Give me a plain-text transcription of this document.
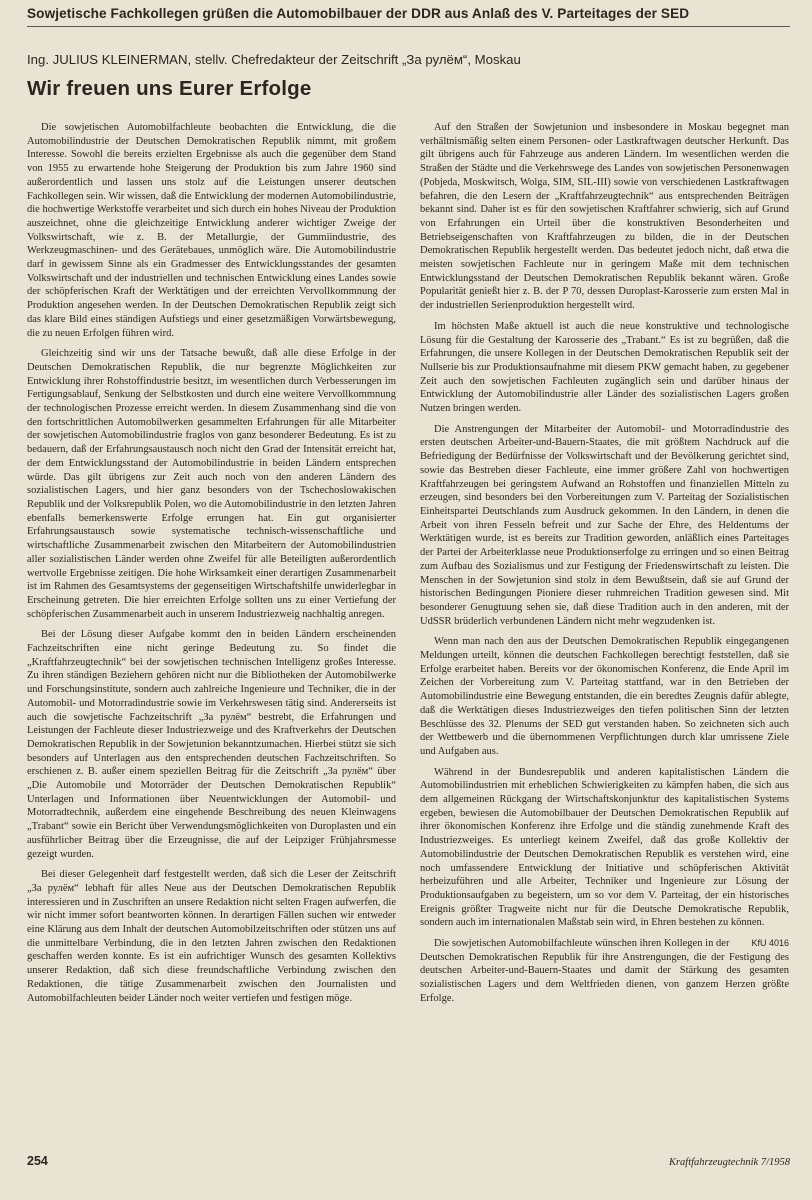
Sowjetische Fachkollegen grüßen die Automobilbauer der DDR aus Anlaß des V. Parteitages der SED
Ing. JULIUS KLEINERMAN, stellv. Chefredakteur der Zeitschrift „За рулём“, Moskau
Wir freuen uns Eurer Erfolge

Die sowjetischen Automobilfachleute beobachten die Entwicklung, die die Automobilindustrie der Deutschen Demokratischen Republik nimmt, mit großem Interesse. Sowohl die bereits erzielten Ergebnisse als auch die gegenüber dem Stand von 1955 zu erwartende hohe Steigerung der Produktion bis zum Jahre 1960 sind außerordentlich und lassen uns stolz auf die Leistungen unserer deutschen Fachkollegen sein. Wir wissen, daß die Entwicklung der modernen Automobilindustrie, die hochwertige Werkstoffe verarbeitet und sich durch ein hohes Niveau der Produktion auszeichnet, ohne die gleichzeitige Entwicklung anderer wichtiger Zweige der Volkswirtschaft, wie z. B. der Metallurgie, der Gummiindustrie, des Werkzeugmaschinen- und des Gerätebaues, unmöglich wäre. Die Automobilindustrie darf in gewissem Sinne als ein Gradmesser des Entwicklungsstandes der gesamten Volkswirtschaft und der industriellen und technischen Entwicklung eines Landes sowie der schöpferischen Kraft der Werktätigen und der erreichten Vervollkommnung der Produktion angesehen werden. In der Deutschen Demokratischen Republik zeigt sich das klare Bild eines ständigen Aufstiegs und einer gesetzmäßigen Vorwärtsbewegung, die zu neuen Erfolgen führen wird.

Gleichzeitig sind wir uns der Tatsache bewußt, daß alle diese Erfolge in der Deutschen Demokratischen Republik, die nur begrenzte Möglichkeiten zur Entwicklung ihrer Rohstoffindustrie besitzt, im wesentlichen durch Verbesserungen im Fertigungsablauf, Senkung der Selbstkosten und durch eine weitere Vervollkommnung der technologischen Prozesse erreicht werden. In diesem Zusammenhang sind die von den fortschrittlichen Automobilwerken gesammelten Erfahrungen für alle Mitarbeiter der sowjetischen Automobilindustrie fraglos von ganz besonderer Bedeutung. Es ist zu bedauern, daß der Erfahrungsaustausch noch nicht den Grad der Intensität erreicht hat, der dem Entwicklungsstand der Automobilindustrie in beiden Ländern entsprechen würde. Das gilt übrigens zur Zeit auch noch von den anderen Ländern des sozialistischen Lagers, und hier ganz besonders von der Tschechoslowakischen Republik und der Volksrepublik Polen, wo die Automobilindustrie in den letzten Jahren ebenfalls bemerkenswerte Erfolge errungen hat. Ein gut organisierter Erfahrungsaustausch sowie systematische technisch-wissenschaftliche und wirtschaftliche Zusammenarbeit zwischen den Mitarbeitern der Automobilindustrien aller sozialistischen Länder werden ohne Zweifel für alle Beteiligten außerordentlich wertvolle Ergebnisse zeitigen. Die hohe Wirksamkeit einer derartigen Zusammenarbeit ist im Rahmen des Gesamtsystems der gegenseitigen Wirtschaftshilfe unwiderlegbar in Erscheinung getreten. Die hier erreichten Erfolge sollten uns zu einer Vertiefung der schöpferischen Zusammenarbeit auch in unserem Industriezweig nachhaltig anregen.

Bei der Lösung dieser Aufgabe kommt den in beiden Ländern erscheinenden Fachzeitschriften eine nicht geringe Bedeutung zu. So findet die „Kraftfahrzeugtechnik“ bei der sowjetischen technischen Intelligenz großes Interesse. Zu ihren ständigen Beziehern gehören nicht nur die Bibliotheken der Automobilwerke und Forschungsinstitute, sondern auch zahlreiche Ingenieure und Techniker, die in der Automobil- und Motorradindustrie sowie im Verkehrswesen tätig sind. Andererseits ist auch die sowjetische Fachzeitschrift „За рулём“ bestrebt, die Erfahrungen und Leistungen der Fachleute dieser Industriezweige und des Kraftverkehrs der Deutschen Demokratischen Republik in der Sowjetunion bekanntzumachen. Hierbei stützt sie sich besonders auf Unterlagen aus den entsprechenden deutschen Fachzeitschriften. So erschienen z. B. außer einem speziellen Beitrag für die Zeitschrift „За рулём“ über „Die Automobile und Motorräder der Deutschen Demokratischen Republik“ Unterlagen und Informationen über Neuentwicklungen der Automobil- und Motorradtechnik, außerdem eine eingehende Beschreibung des neuen Kleinwagens „Trabant“ sowie ein Bericht über Verwendungsmöglichkeiten von Duroplasten und ein ausführlicher Beitrag über die Erzeugnisse, die auf der Leipziger Frühjahrsmesse gezeigt wurden.

Bei dieser Gelegenheit darf festgestellt werden, daß sich die Leser der Zeitschrift „За рулём“ lebhaft für alles Neue aus der Deutschen Demokratischen Republik interessieren und in Zuschriften an unsere Redaktion nicht selten Fragen aufwerfen, die wir nicht immer sofort beantworten können. In derartigen Fällen suchen wir entweder eine Klärung aus dem Inhalt der deutschen Automobilzeitschriften oder stützen uns auf die unmittelbare Verbindung, die in den letzten Jahren zwischen den Redaktionen geschaffen werden konnte. Es ist ein aufrichtiger Wunsch des gesamten Kollektivs unserer Redaktion, daß sich diese freundschaftliche Verbindung zwischen den Redaktionen, die tätige Zusammenarbeit zwischen den Journalisten und Automobilfachleuten beider Länder noch weiter vertiefen und festigen möge.

Auf den Straßen der Sowjetunion und insbesondere in Moskau begegnet man verhältnismäßig selten einem Personen- oder Lastkraftwagen deutscher Herkunft. Das gilt übrigens auch für Fahrzeuge aus anderen Ländern. Im wesentlichen werden die Straßen der Städte und die Verkehrswege des Landes von sowjetischen Personenwagen (Pobjeda, Moskwitsch, Wolga, SIM, SIL-III) sowie von verschiedenen Lastkraftwagen befahren, die den Lesern der „Kraftfahrzeugtechnik“ aus entsprechenden Beiträgen bekannt sind. Daher ist es für den sowjetischen Kraftfahrer schwierig, sich auf Grund von Erfahrungen ein Urteil über die konstruktiven Besonderheiten und Betriebseigenschaften von Kraftfahrzeugen zu bilden, die in der Deutschen Demokratischen Republik hergestellt werden. Das bedeutet jedoch nicht, daß etwa die meisten sowjetischen Fachleute nur in geringem Maße mit dem technischen Entwicklungsstand der Deutschen Demokratischen Republik bekannt wären. Große Popularität genießt hier z. B. der P 70, dessen Duroplast-Karosserie zum ersten Mal in der industriellen Serienproduktion hergestellt wird.

Im höchsten Maße aktuell ist auch die neue konstruktive und technologische Lösung für die Gestaltung der Karosserie des „Trabant.“ Es ist zu begrüßen, daß die Erfahrungen, die unsere Kollegen in der Deutschen Demokratischen Republik seit der Nullserie bis zur Produktionsaufnahme mit diesem PKW gemacht haben, zu gegebener Zeit auch den sowjetischen Fachleuten zugänglich sein und darüber hinaus der Entwicklung der Automobilindustrie aller Länder des sozialistischen Lagers großen Nutzen bringen werden.

Die Anstrengungen der Mitarbeiter der Automobil- und Motorradindustrie des ersten deutschen Arbeiter-und-Bauern-Staates, die mit größtem Nachdruck auf die Befriedigung der Bedürfnisse der Volkswirtschaft und der Bevölkerung gerichtet sind, sowie das Bestreben dieser Fachleute, eine immer größere Zahl von hochwertigen Kraftfahrzeugen bei geringstem Aufwand an Rohstoffen und finanziellen Mitteln zu erzeugen, sind besonders bei den Vorbereitungen zum V. Parteitag der Sozialistischen Einheitspartei Deutschlands zum Ausdruck gekommen. In den Ländern, in denen die Arbeit von ihren Fesseln befreit und zur Sache der Ehre, des Heldentums der Werktätigen wurde, ist es bereits zur Tradition geworden, anläßlich eines Parteitages der Partei der Arbeiterklasse neue Produktionserfolge zu erringen und so einen Beitrag zum Aufbau des Sozialismus und zur Festigung der Friedenswirtschaft zu leisten. Die Menschen in der Sowjetunion sind stolz in dem Bewußtsein, daß sie auf Grund der historischen Bedingungen Pioniere dieser ruhmreichen Tradition gewesen sind. Mit besonderer Genugtuung sehen sie, daß diese Tradition auch in den anderen, mit der UdSSR brüderlich verbundenen Ländern nicht mehr wegzudenken ist.

Wenn man nach den aus der Deutschen Demokratischen Republik eingegangenen Meldungen urteilt, können die deutschen Fachkollegen berechtigt feststellen, daß sie Erfolge erarbeitet haben. Bereits vor der ökonomischen Konferenz, die Ende April im Zeichen der Vorbereitung zum V. Parteitag stattfand, war in den Betrieben der Automobilindustrie eine Bewegung entstanden, die ein beredtes Zeugnis dafür ablegte, daß die Werktätigen dieses Industriezweiges den tiefen politischen Sinn der letzten Beschlüsse des 32. Plenums der SED gut verstanden haben. So zeichneten sich auch der Wettbewerb und die übernommenen Verpflichtungen durch klar umrissene Ziele und Aufgaben aus.

Während in der Bundesrepublik und anderen kapitalistischen Ländern die Automobilindustrien mit erheblichen Schwierigkeiten zu kämpfen haben, die sich aus dem allgemeinen Rückgang der Wirtschaftskonjunktur des kapitalistischen Systems ergeben, bewiesen die Automobilbauer der Deutschen Demokratischen Republik auf ihrer ökonomischen Konferenz ihre Erfolge und die ständig zunehmende Kraft des Industriezweiges. Es unterliegt keinem Zweifel, daß das große Kollektiv der Automobilindustrie der Deutschen Demokratischen Republik es verstehen wird, eine noch umfassendere Entwicklung der Initiative und schöpferischen Aktivität herbeizuführen und alle Arbeiter, Techniker und Ingenieure zur Lösung der Produktionsaufgaben zu begeistern, um so vor dem V. Parteitag, der ein historisches Ereignis größter Tragweite nicht nur für die Deutsche Demokratische Republik, sondern auch im internationalen Maßstab sein wird, in Ehren bestehen zu können.

KfU 4016
Die sowjetischen Automobilfachleute wünschen ihren Kollegen in der Deutschen Demokratischen Republik für ihre Anstrengungen, die der Festigung des deutschen Arbeiter-und-Bauern-Staates und damit der Stärkung des gesamten sozialistischen Lagers und dem Weltfrieden dienen, von ganzem Herzen größte Erfolge.

254	Kraftfahrzeugtechnik 7/1958
